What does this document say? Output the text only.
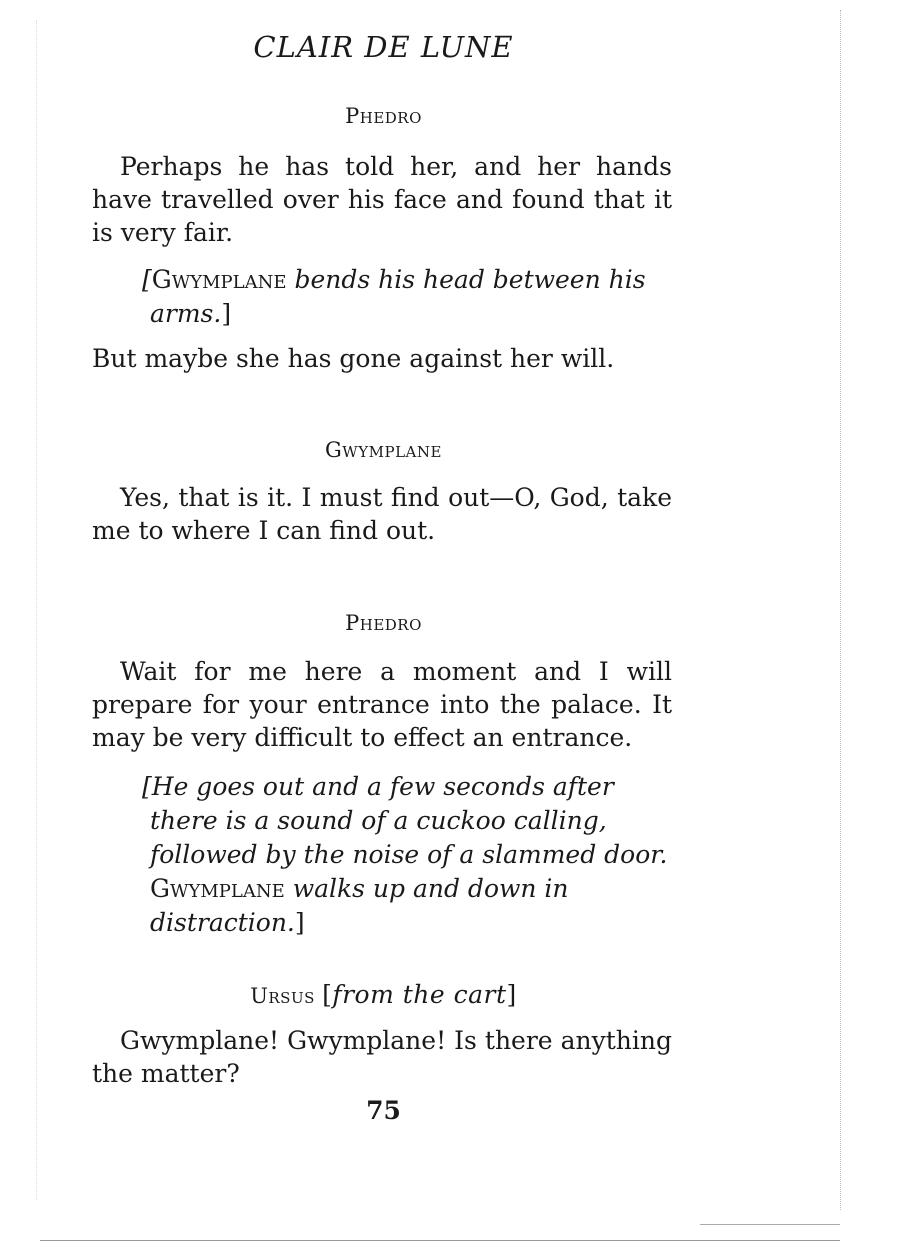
CLAIR DE LUNE
Phedro

Perhaps he has told her, and her hands have travelled over his face and found that it is very fair.

[Gwymplane bends his head between his arms.]

But maybe she has gone against her will.

Gwymplane

Yes, that is it. I must find out—O, God, take me to where I can find out.

Phedro

Wait for me here a moment and I will prepare for your entrance into the palace. It may be very difficult to effect an entrance.

[He goes out and a few seconds after there is a sound of a cuckoo calling, followed by the noise of a slammed door. Gwymplane walks up and down in distraction.]

Ursus [from the cart]

Gwymplane! Gwymplane! Is there anything the matter?

75
